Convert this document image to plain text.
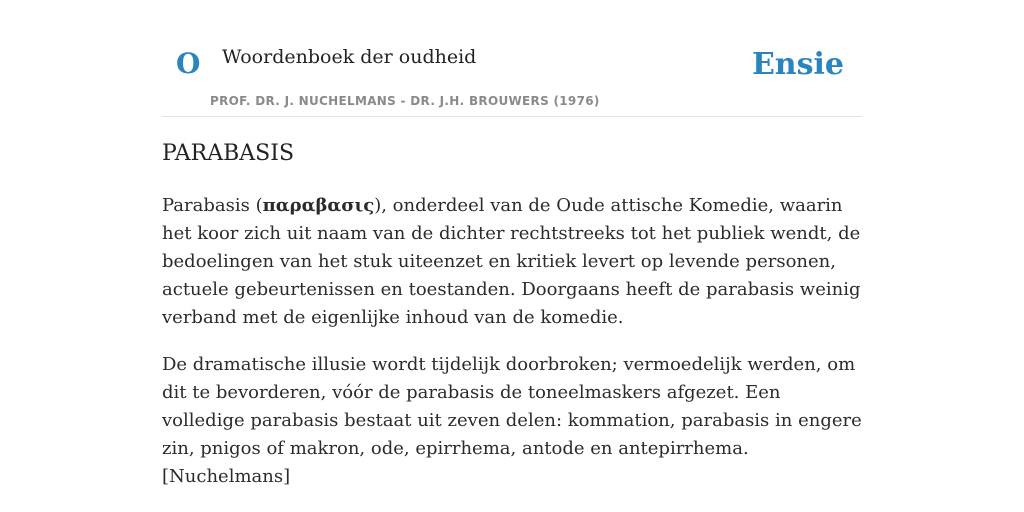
O Woordenboek der oudheid
PROF. DR. J. NUCHELMANS - DR. J.H. BROUWERS (1976)
Ensie
PARABASIS

Parabasis (παραβασις), onderdeel van de Oude attische Komedie, waarin het koor zich uit naam van de dichter rechtstreeks tot het publiek wendt, de bedoelingen van het stuk uiteenzet en kritiek levert op levende personen, actuele gebeurtenissen en toestanden. Doorgaans heeft de parabasis weinig verband met de eigenlijke inhoud van de komedie.

De dramatische illusie wordt tijdelijk doorbroken; vermoedelijk werden, om dit te bevorderen, vóór de parabasis de toneelmaskers afgezet. Een volledige parabasis bestaat uit zeven delen: kommation, parabasis in engere zin, pnigos of makron, ode, epirrhema, antode en antepirrhema. [Nuchelmans]
